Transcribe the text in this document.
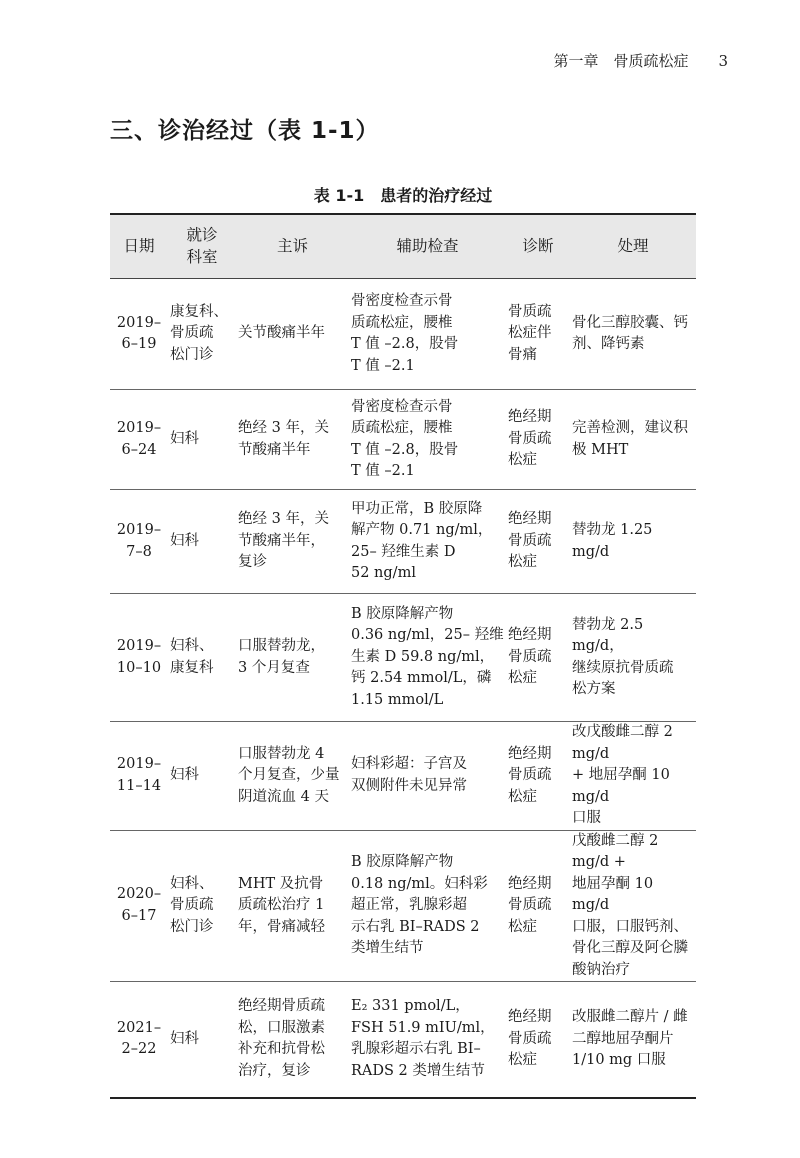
第一章　骨质疏松症 3
三、诊治经过（表 1-1）
表 1-1　患者的治疗经过
日期	就诊
科室	主诉	辅助检查	诊断	处理

2019–
6–19	康复科、
骨质疏
松门诊	关节酸痛半年	骨密度检查示骨
质疏松症，腰椎
T 值 –2.8，股骨
T 值 –2.1	骨质疏
松症伴
骨痛	骨化三醇胶囊、钙
剂、降钙素

2019–
6–24	妇科	绝经 3 年，关
节酸痛半年	骨密度检查示骨
质疏松症，腰椎
T 值 –2.8，股骨
T 值 –2.1	绝经期
骨质疏
松症	完善检测，建议积
极 MHT

2019–
7–8	妇科	绝经 3 年，关
节酸痛半年，
复诊	甲功正常，B 胶原降
解产物 0.71 ng/ml，
25– 羟维生素 D
52 ng/ml	绝经期
骨质疏
松症	替勃龙 1.25 mg/d

2019–
10–10	妇科、
康复科	口服替勃龙，
3 个月复查	B 胶原降解产物
0.36 ng/ml，25– 羟维
生素 D 59.8 ng/ml，
钙 2.54 mmol/L，磷
1.15 mmol/L	绝经期
骨质疏
松症	替勃龙 2.5 mg/d，
继续原抗骨质疏
松方案

2019–
11–14	妇科	口服替勃龙 4
个月复查，少量
阴道流血 4 天	妇科彩超：子宫及
双侧附件未见异常	绝经期
骨质疏
松症	改戊酸雌二醇 2 mg/d
+ 地屈孕酮 10 mg/d
口服

2020–
6–17	妇科、
骨质疏
松门诊	MHT 及抗骨
质疏松治疗 1
年，骨痛减轻	B 胶原降解产物
0.18 ng/ml。妇科彩
超正常，乳腺彩超
示右乳 BI–RADS 2
类增生结节	绝经期
骨质疏
松症	戊酸雌二醇 2 mg/d +
地屈孕酮 10 mg/d
口服，口服钙剂、
骨化三醇及阿仑膦
酸钠治疗

2021–
2–22	妇科	绝经期骨质疏
松，口服激素
补充和抗骨松
治疗，复诊	E₂ 331 pmol/L，
FSH 51.9 mIU/ml，
乳腺彩超示右乳 BI–
RADS 2 类增生结节	绝经期
骨质疏
松症	改服雌二醇片 / 雌
二醇地屈孕酮片
1/10 mg 口服
